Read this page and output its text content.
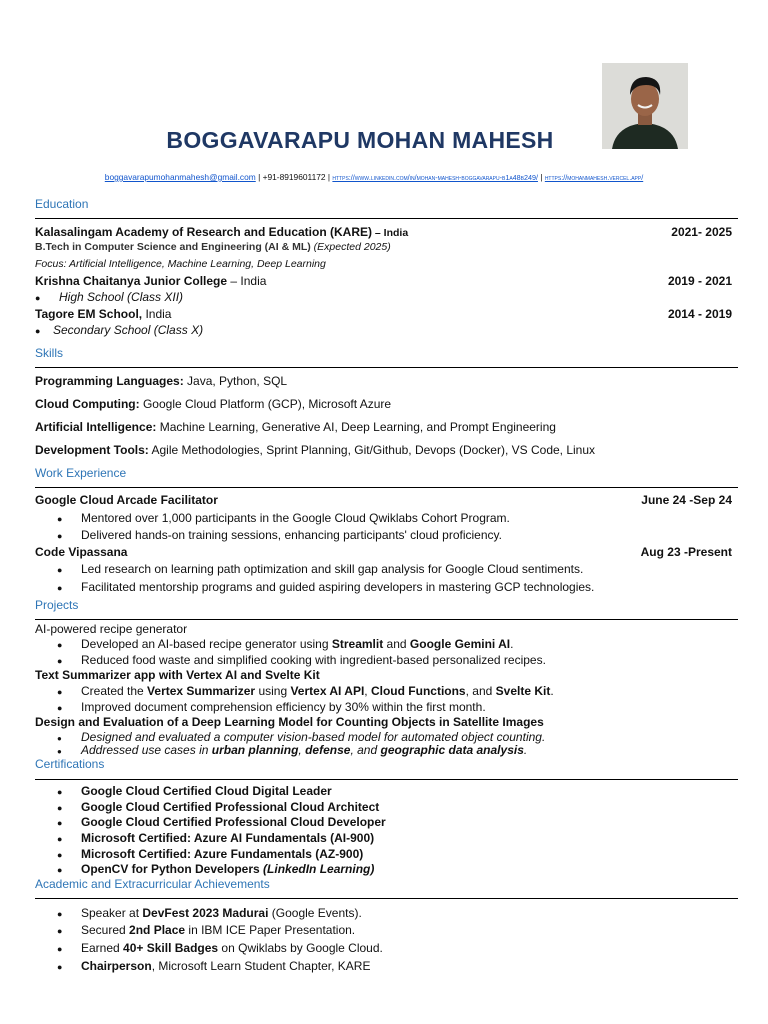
BOGGAVARAPU MOHAN MAHESH
boggavarapumohanmahesh@gmail.com | +91-8919601172 | https://www.linkedin.com/in/mohan-mahesh-boggavarapu-b1a48b249/ | https://mohanmahesh.vercel.app/
Education
Kalasalingam Academy of Research and Education (KARE) – India	2021- 2025
B.Tech in Computer Science and Engineering (AI & ML) (Expected 2025)
Focus: Artificial Intelligence, Machine Learning, Deep Learning
Krishna Chaitanya Junior College – India	2019 - 2021
● High School (Class XII)
Tagore EM School, India	2014 - 2019
● Secondary School (Class X)
Skills
Programming Languages: Java, Python, SQL
Cloud Computing: Google Cloud Platform (GCP), Microsoft Azure
Artificial Intelligence: Machine Learning, Generative AI, Deep Learning, and Prompt Engineering
Development Tools: Agile Methodologies, Sprint Planning, Git/Github, Devops (Docker), VS Code, Linux
Work Experience
Google Cloud Arcade Facilitator	June 24 -Sep 24
● Mentored over 1,000 participants in the Google Cloud Qwiklabs Cohort Program.
● Delivered hands-on training sessions, enhancing participants' cloud proficiency.
Code Vipassana	Aug 23 -Present
● Led research on learning path optimization and skill gap analysis for Google Cloud sentiments.
● Facilitated mentorship programs and guided aspiring developers in mastering GCP technologies.
Projects
AI-powered recipe generator
● Developed an AI-based recipe generator using Streamlit and Google Gemini AI.
● Reduced food waste and simplified cooking with ingredient-based personalized recipes.
Text Summarizer app with Vertex AI and Svelte Kit
● Created the Vertex Summarizer using Vertex AI API, Cloud Functions, and Svelte Kit.
● Improved document comprehension efficiency by 30% within the first month.
Design and Evaluation of a Deep Learning Model for Counting Objects in Satellite Images
● Designed and evaluated a computer vision-based model for automated object counting.
● Addressed use cases in urban planning, defense, and geographic data analysis.
Certifications
● Google Cloud Certified Cloud Digital Leader
● Google Cloud Certified Professional Cloud Architect
● Google Cloud Certified Professional Cloud Developer
● Microsoft Certified: Azure AI Fundamentals (AI-900)
● Microsoft Certified: Azure Fundamentals (AZ-900)
● OpenCV for Python Developers (LinkedIn Learning)
Academic and Extracurricular Achievements
● Speaker at DevFest 2023 Madurai (Google Events).
● Secured 2nd Place in IBM ICE Paper Presentation.
● Earned 40+ Skill Badges on Qwiklabs by Google Cloud.
● Chairperson, Microsoft Learn Student Chapter, KARE
